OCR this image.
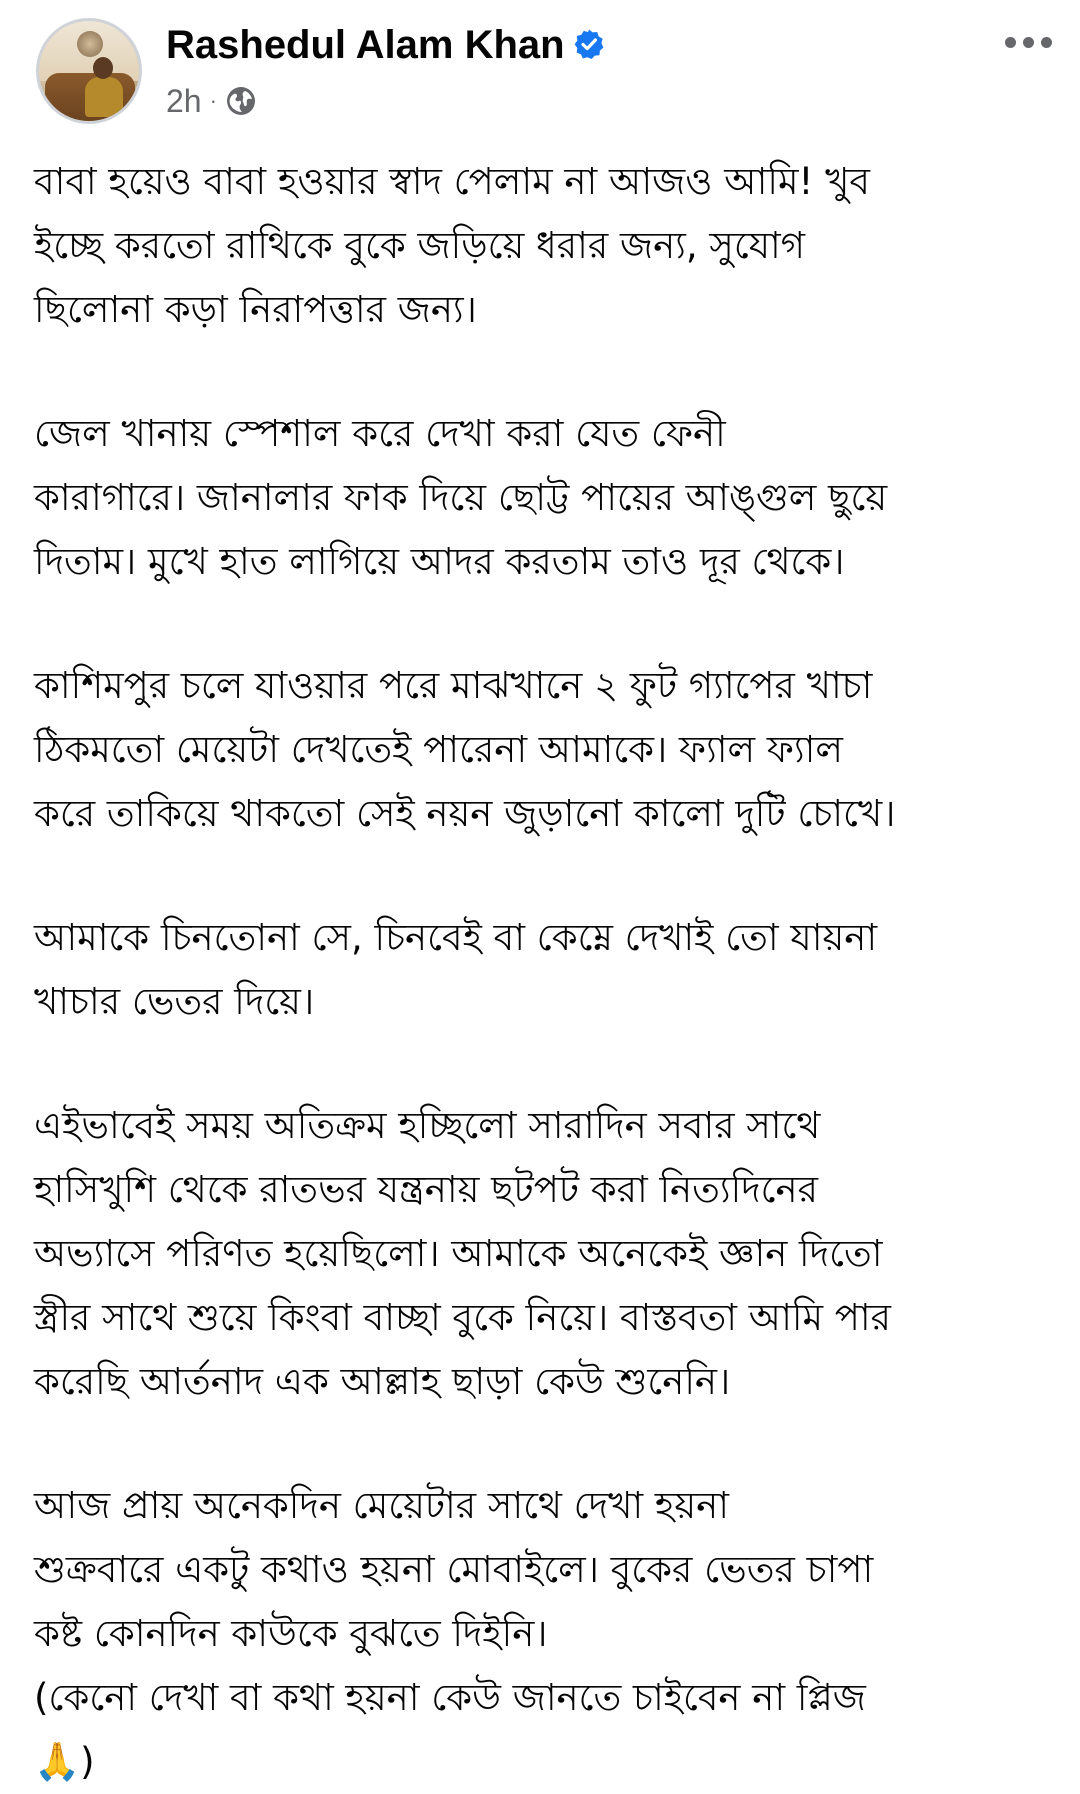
Rashedul Alam Khan
2h ·

বাবা হয়েও বাবা হওয়ার স্বাদ পেলাম না আজও আমি! খুব
ইচ্ছে করতো রাথিকে বুকে জড়িয়ে ধরার জন্য, সুযোগ
ছিলোনা কড়া নিরাপত্তার জন্য।

জেল খানায় স্পেশাল করে দেখা করা যেত ফেনী
কারাগারে। জানালার ফাক দিয়ে ছোট্ট পায়ের আঙ্গুল ছুয়ে
দিতাম। মুখে হাত লাগিয়ে আদর করতাম তাও দূর থেকে।

কাশিমপুর চলে যাওয়ার পরে মাঝখানে ২ ফুট গ্যাপের খাচা
ঠিকমতো মেয়েটা দেখতেই পারেনা আমাকে। ফ্যাল ফ্যাল
করে তাকিয়ে থাকতো সেই নয়ন জুড়ানো কালো দুটি চোখে।

আমাকে চিনতোনা সে, চিনবেই বা কেম্নে দেখাই তো যায়না
খাচার ভেতর দিয়ে।

এইভাবেই সময় অতিক্রম হচ্ছিলো সারাদিন সবার সাথে
হাসিখুশি থেকে রাতভর যন্ত্রনায় ছটপট করা নিত্যদিনের
অভ্যাসে পরিণত হয়েছিলো। আমাকে অনেকেই জ্ঞান দিতো
স্ত্রীর সাথে শুয়ে কিংবা বাচ্ছা বুকে নিয়ে। বাস্তবতা আমি পার
করেছি আর্তনাদ এক আল্লাহ ছাড়া কেউ শুনেনি।

আজ প্রায় অনেকদিন মেয়েটার সাথে দেখা হয়না
শুক্রবারে একটু কথাও হয়না মোবাইলে। বুকের ভেতর চাপা
কষ্ট কোনদিন কাউকে বুঝতে দিইনি।
(কেনো দেখা বা কথা হয়না কেউ জানতে চাইবেন না প্লিজ
🙏)
